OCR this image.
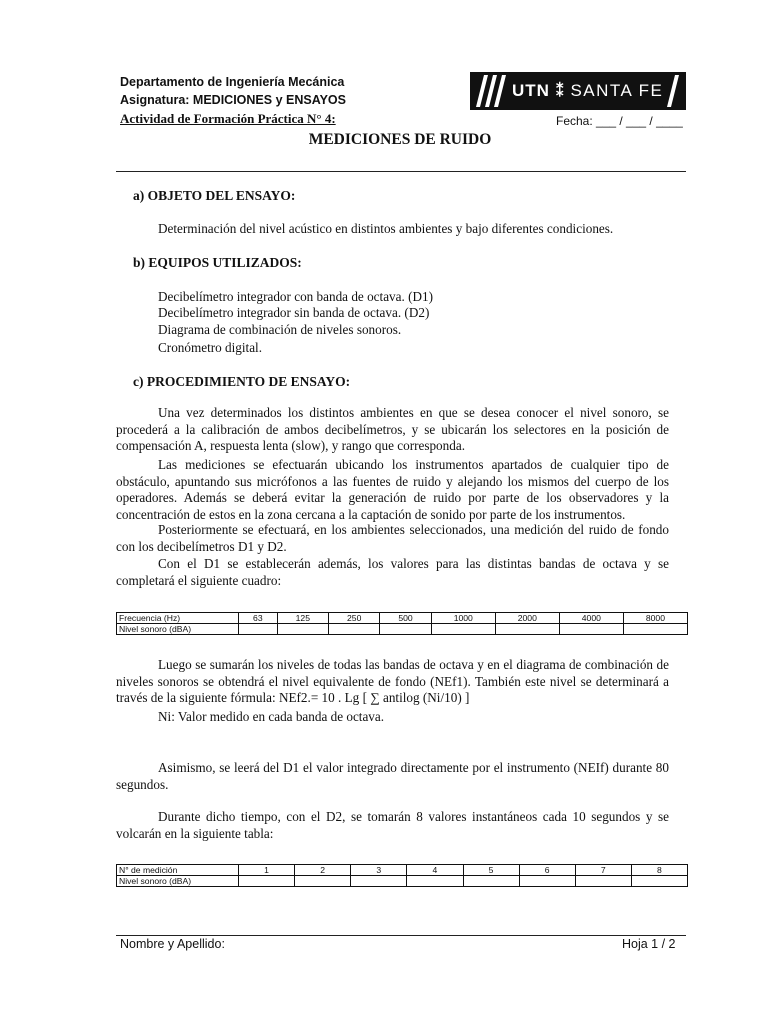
Departamento de Ingeniería Mecánica
Asignatura: MEDICIONES y ENSAYOS
Actividad de Formación Práctica N° 4:	Fecha: ___ / ___ / ____
UTN ⁑ SANTA FE
MEDICIONES DE RUIDO
a) OBJETO DEL ENSAYO:
Determinación del nivel acústico en distintos ambientes y bajo diferentes condiciones.
b) EQUIPOS UTILIZADOS:
Decibelímetro integrador con banda de octava. (D1)
Decibelímetro integrador sin banda de octava. (D2)
Diagrama de combinación de niveles sonoros.
Cronómetro digital.
c) PROCEDIMIENTO DE ENSAYO:
Una vez determinados los distintos ambientes en que se desea conocer el nivel sonoro, se procederá a la calibración de ambos decibelímetros, y se ubicarán los selectores en la posición de compensación A, respuesta lenta (slow), y rango que corresponda.
Las mediciones se efectuarán ubicando los instrumentos apartados de cualquier tipo de obstáculo, apuntando sus micrófonos a las fuentes de ruido y alejando los mismos del cuerpo de los operadores. Además se deberá evitar la generación de ruido por parte de los observadores y la concentración de estos en la zona cercana a la captación de sonido por parte de los instrumentos.
Posteriormente se efectuará, en los ambientes seleccionados, una medición del ruido de fondo con los decibelímetros D1 y D2.
Con el D1 se establecerán además, los valores para las distintas bandas de octava y se completará el siguiente cuadro:
Frecuencia (Hz)	63	125	250	500	1000	2000	4000	8000
Nivel sonoro (dBA)								
Luego se sumarán los niveles de todas las bandas de octava y en el diagrama de combinación de niveles sonoros se obtendrá el nivel equivalente de fondo (NEf1). También este nivel se determinará a través de la siguiente fórmula: NEf2.= 10 . Lg [ ∑ antilog (Ni/10) ]
Ni: Valor medido en cada banda de octava.
Asimismo, se leerá del D1 el valor integrado directamente por el instrumento (NEIf) durante 80 segundos.
Durante dicho tiempo, con el D2, se tomarán 8 valores instantáneos cada 10 segundos y se volcarán en la siguiente tabla:
N° de medición	1	2	3	4	5	6	7	8
Nivel sonoro (dBA)								
Nombre y Apellido:	Hoja 1 / 2
